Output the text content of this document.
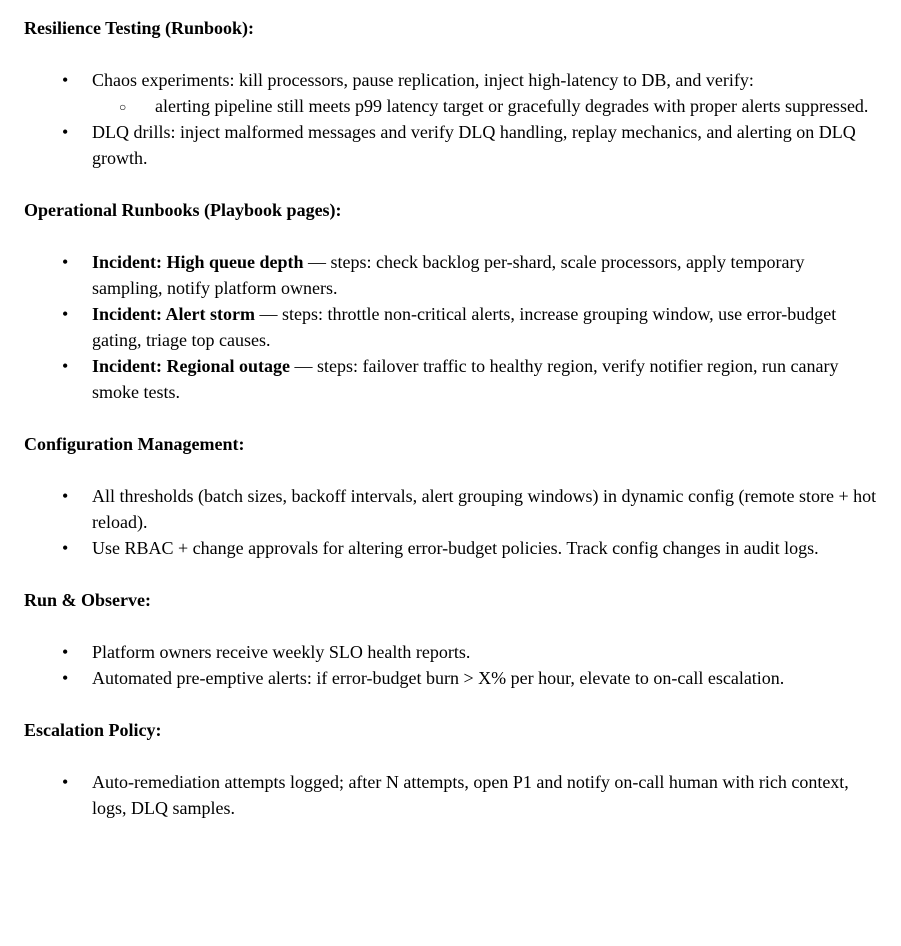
Resilience Testing (Runbook):
• Chaos experiments: kill processors, pause replication, inject high-latency to DB, and verify:
○ alerting pipeline still meets p99 latency target or gracefully degrades with proper alerts suppressed.
• DLQ drills: inject malformed messages and verify DLQ handling, replay mechanics, and alerting on DLQ growth.
Operational Runbooks (Playbook pages):
• Incident: High queue depth — steps: check backlog per-shard, scale processors, apply temporary sampling, notify platform owners.
• Incident: Alert storm — steps: throttle non-critical alerts, increase grouping window, use error-budget gating, triage top causes.
• Incident: Regional outage — steps: failover traffic to healthy region, verify notifier region, run canary smoke tests.
Configuration Management:
• All thresholds (batch sizes, backoff intervals, alert grouping windows) in dynamic config (remote store + hot reload).
• Use RBAC + change approvals for altering error-budget policies. Track config changes in audit logs.
Run & Observe:
• Platform owners receive weekly SLO health reports.
• Automated pre-emptive alerts: if error-budget burn > X% per hour, elevate to on-call escalation.
Escalation Policy:
• Auto-remediation attempts logged; after N attempts, open P1 and notify on-call human with rich context, logs, DLQ samples.
